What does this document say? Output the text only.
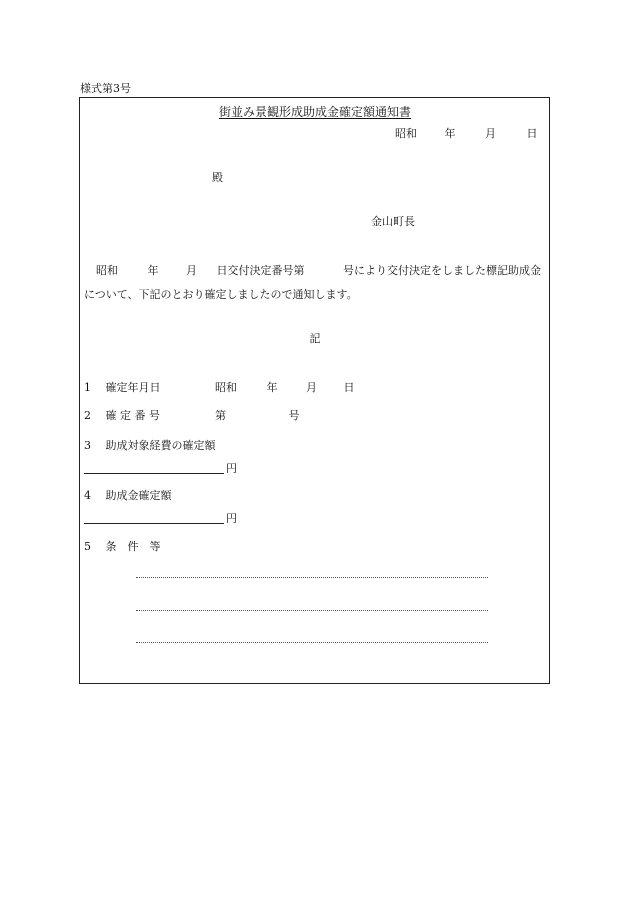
様式第3号
街並み景観形成助成金確定額通知書
昭和	年	月	日
殿
金山町長
昭和	年	月 日交付決定番号第	号により交付決定をしました標記助成金
について、下記のとおり確定しましたので通知します。
記
1 確定年月日	昭和	年	月 日
2 確 定 番 号	第	号
3 助成対象経費の確定額
円
4 助成金確定額
円
5 条　件　等
